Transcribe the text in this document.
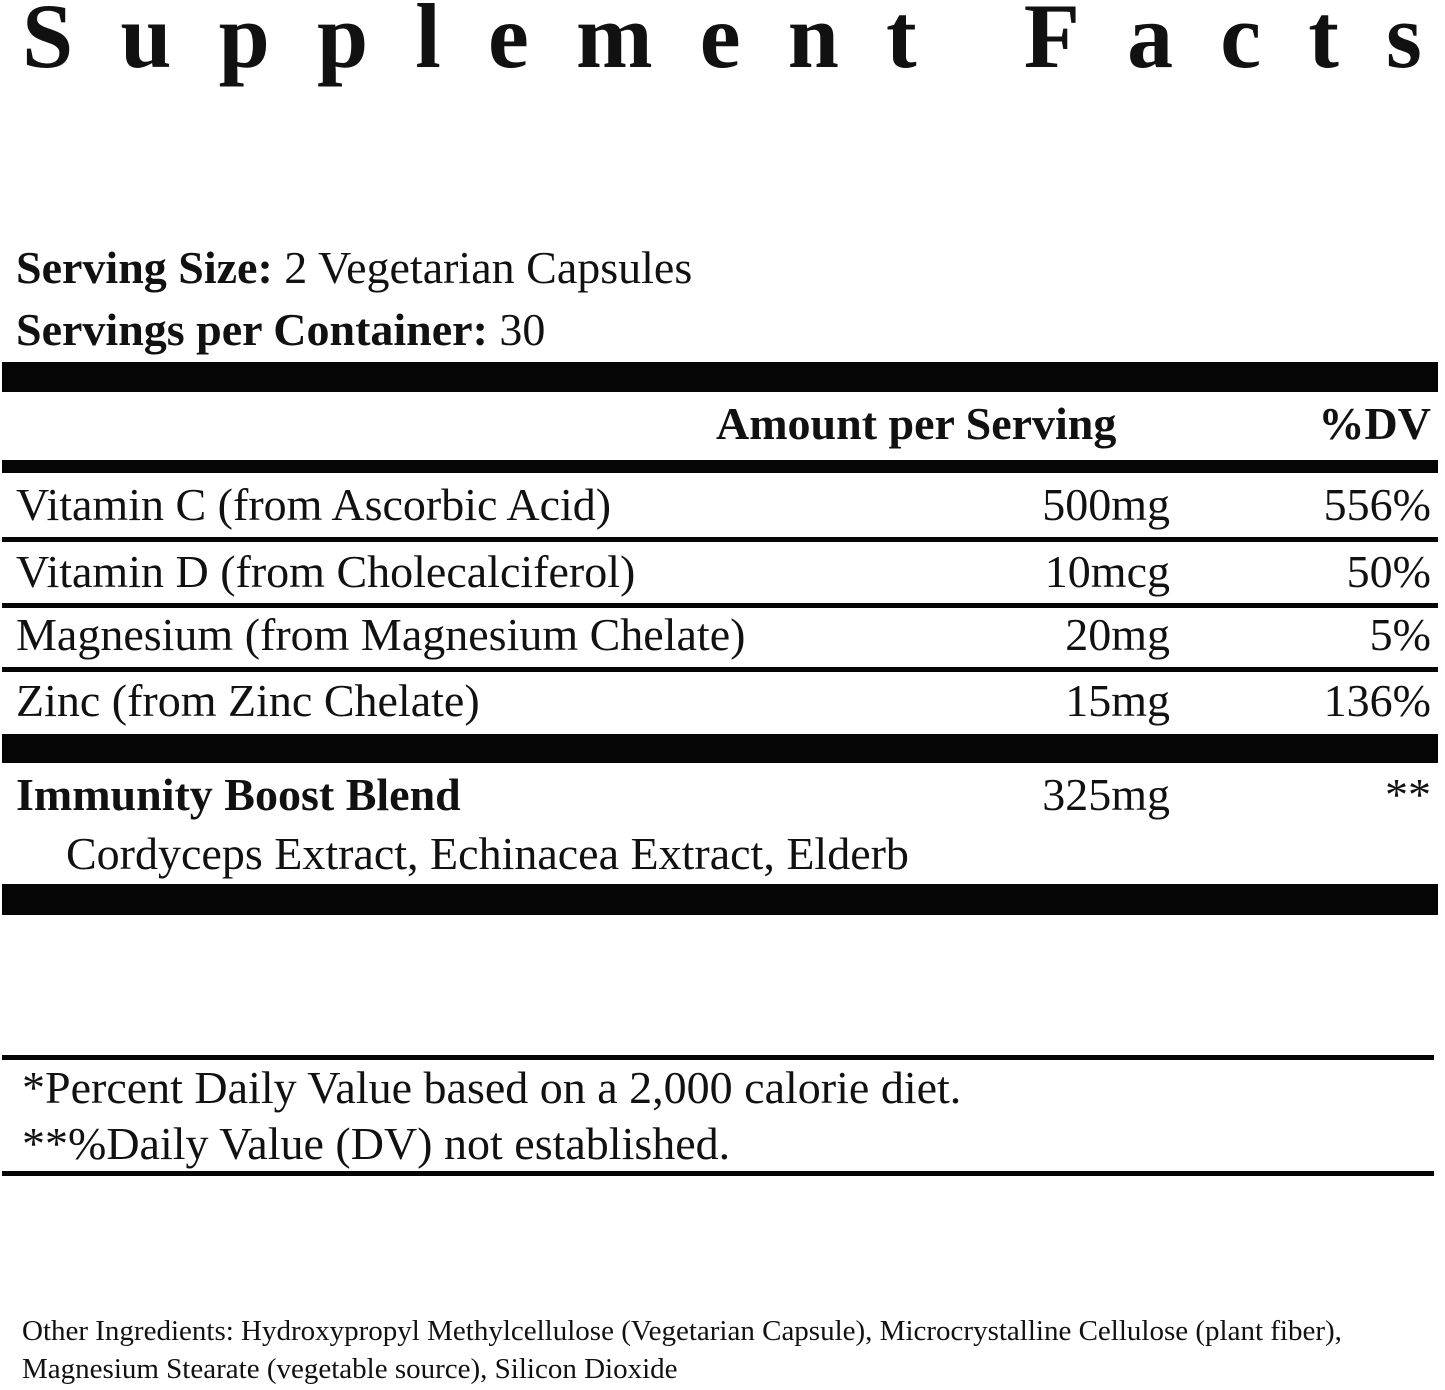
S u p p l e m e n t F a c t s
Serving Size: 2 Vegetarian Capsules
Servings per Container: 30
Amount per Serving	%DV
Vitamin C (from Ascorbic Acid)	500mg	556%
Vitamin D (from Cholecalciferol)	10mcg	50%
Magnesium (from Magnesium Chelate)	20mg	5%
Zinc (from Zinc Chelate)	15mg	136%
Immunity Boost Blend	325mg	**
Cordyceps Extract, Echinacea Extract, Elderb
*Percent Daily Value based on a 2,000 calorie diet.
**%Daily Value (DV) not established.
Other Ingredients: Hydroxypropyl Methylcellulose (Vegetarian Capsule), Microcrystalline Cellulose (plant fiber), Magnesium Stearate (vegetable source), Silicon Dioxide
